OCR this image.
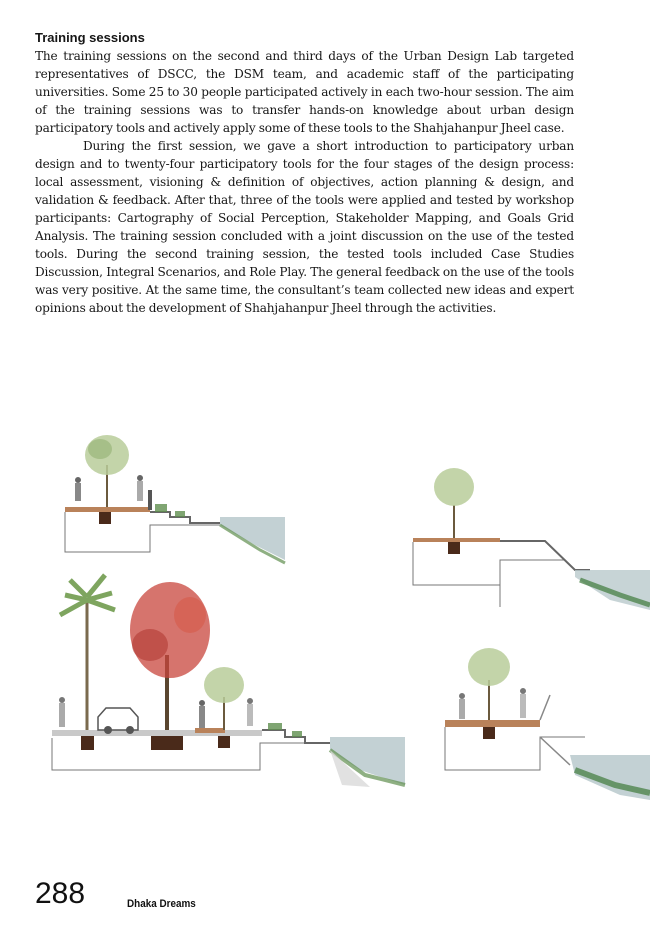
Training sessions

The training sessions on the second and third days of the Urban Design Lab targeted representatives of DSCC, the DSM team, and academic staff of the participating universities. Some 25 to 30 people participated actively in each two-hour session. The aim of the training sessions was to transfer hands-on knowledge about urban design participatory tools and actively apply some of these tools to the Shahjahanpur Jheel case.

During the first session, we gave a short introduction to participatory urban design and to twenty-four participatory tools for the four stages of the design process: local assessment, visioning & definition of objectives, action planning & design, and validation & feedback. After that, three of the tools were applied and tested by workshop participants: Cartography of Social Perception, Stakeholder Mapping, and Goals Grid Analysis. The training session concluded with a joint discussion on the use of the tested tools. During the second training session, the tested tools included Case Studies Discussion, Integral Scenarios, and Role Play. The general feedback on the use of the tools was very positive. At the same time, the consultant’s team collected new ideas and expert opinions about the development of Shahjahanpur Jheel through the activities.

288	Dhaka Dreams
